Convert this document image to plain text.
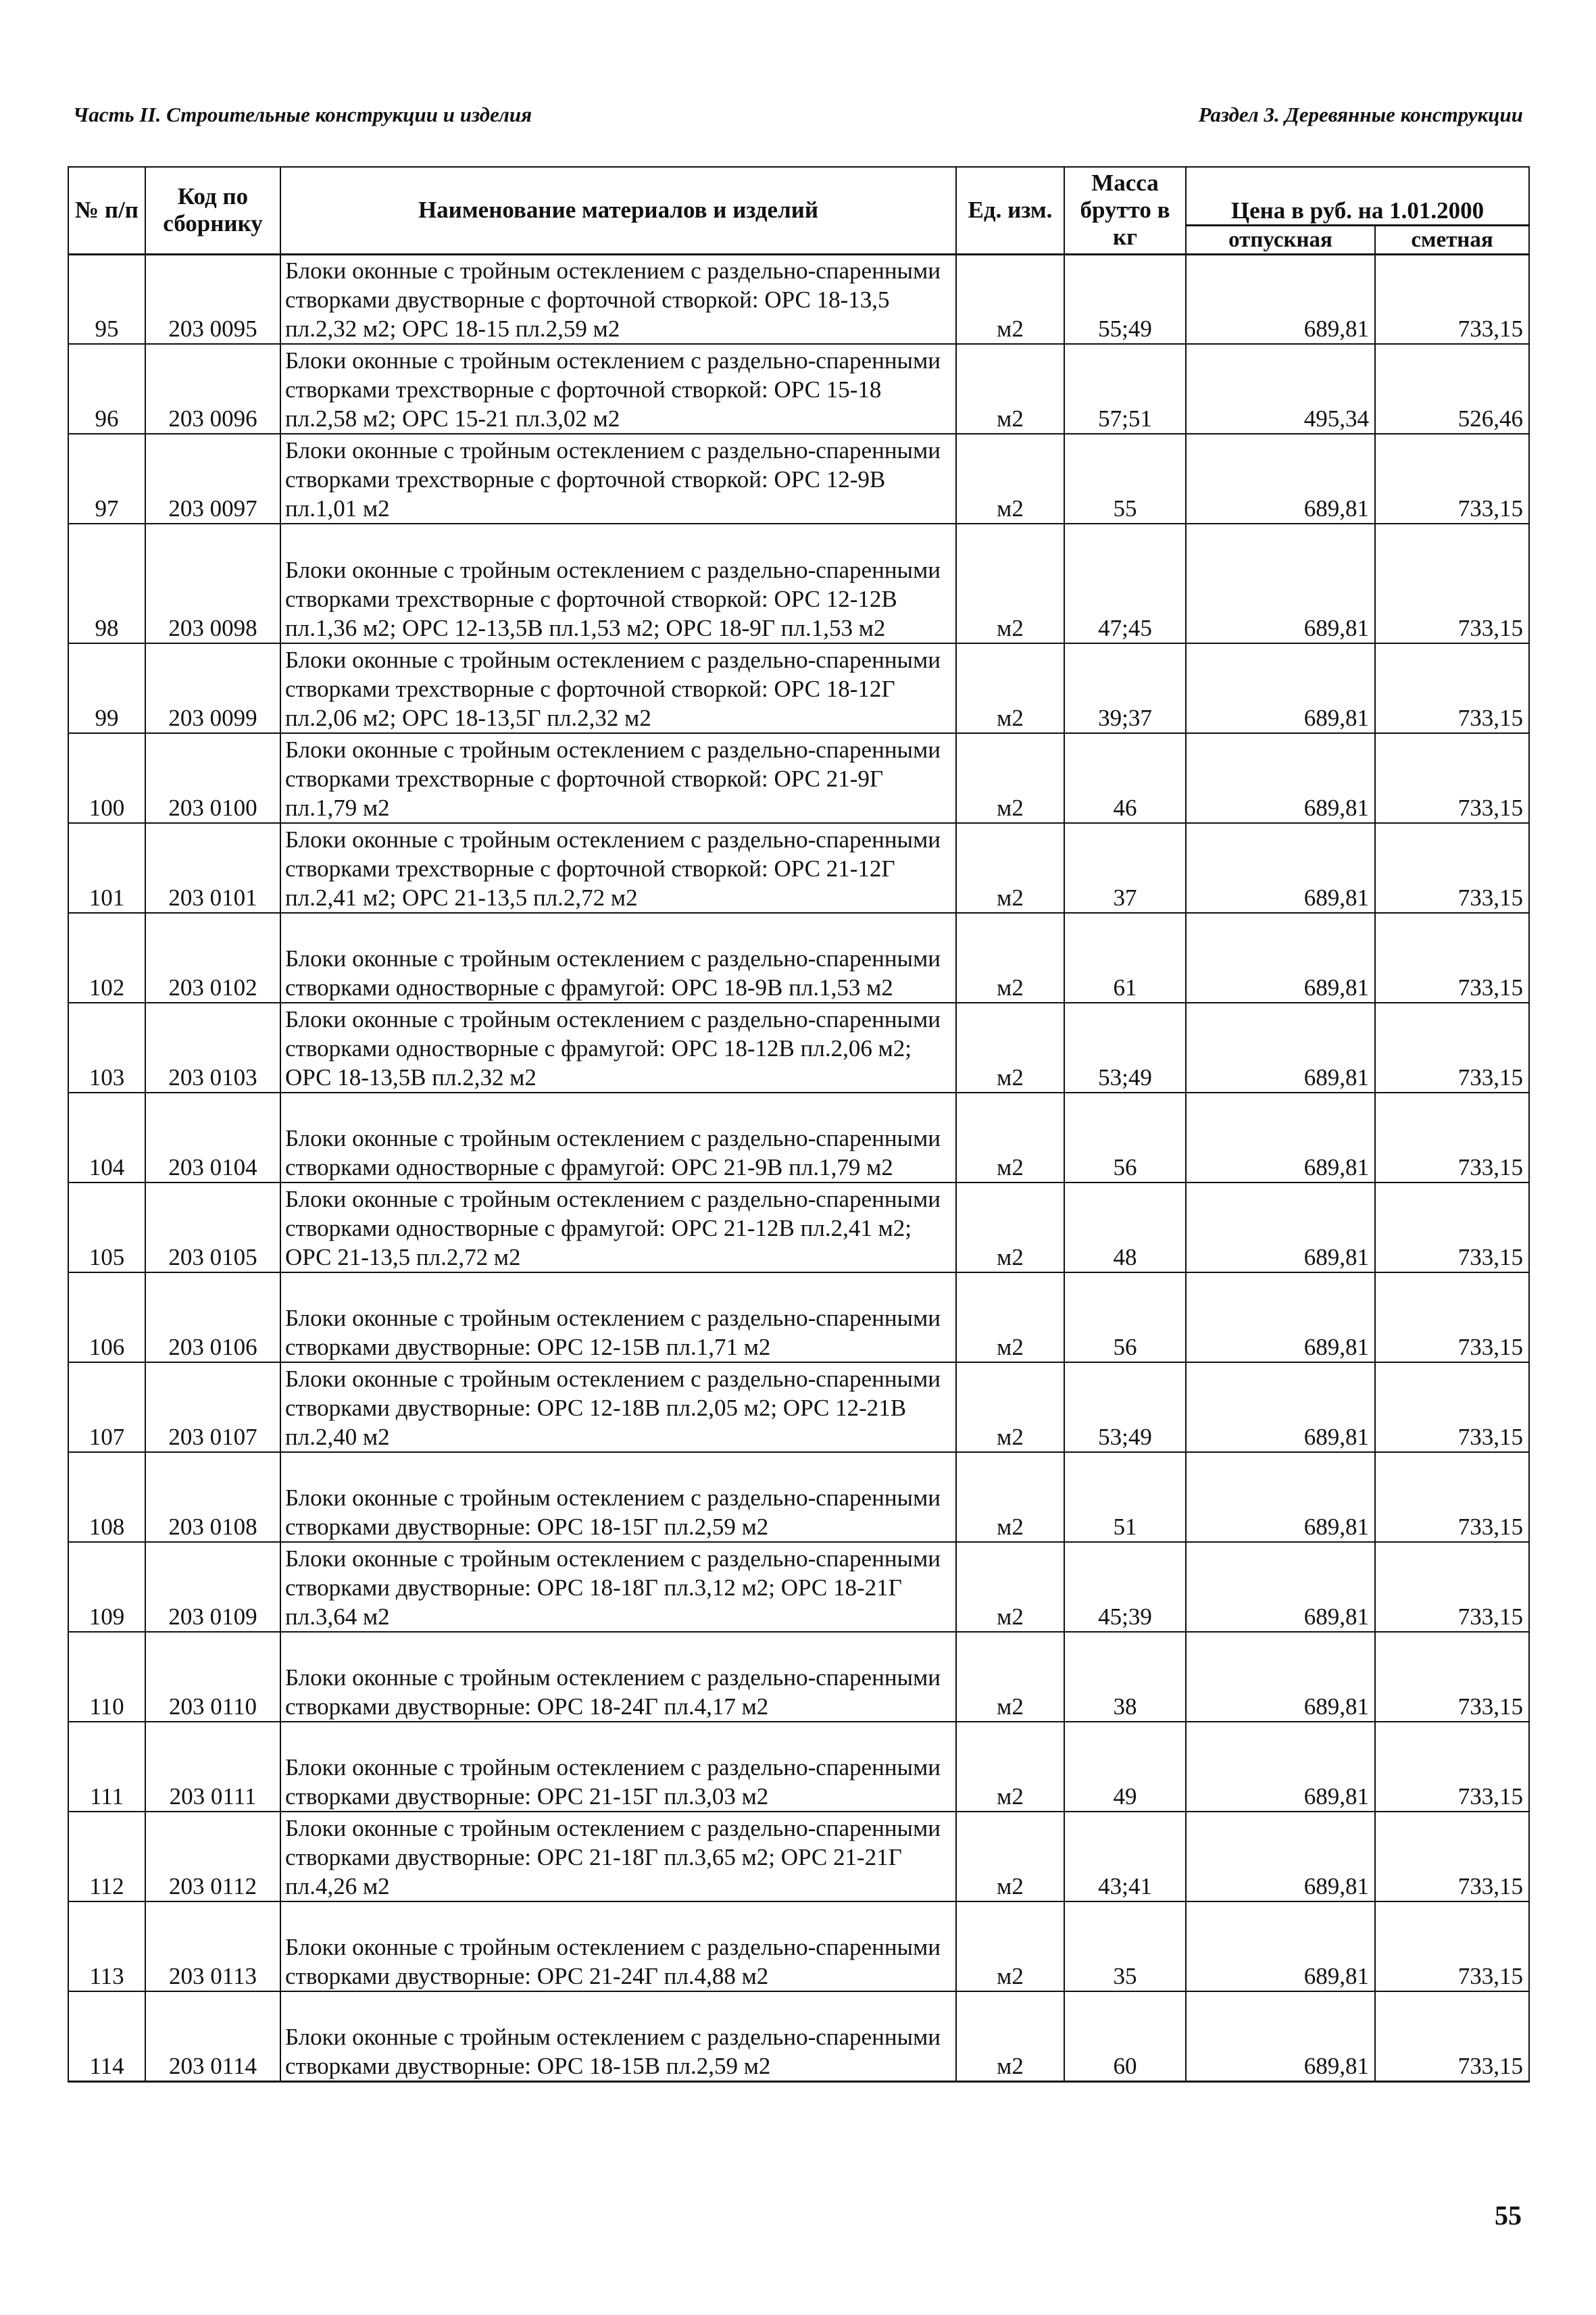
Часть II. Строительные конструкции и изделия	Раздел 3. Деревянные конструкции
№ п/п	Код по сборнику	Наименование материалов и изделий	Ед. изм.	Масса брутто в кг	Цена в руб. на 1.01.2000	
					отпускная	сметная
95	203 0095	Блоки оконные с тройным остеклением с раздельно-спаренными створками двустворные с форточной створкой: ОРС 18-13,5 пл.2,32 м2; ОРС 18-15 пл.2,59 м2	м2	55;49	689,81	733,15
96	203 0096	Блоки оконные с тройным остеклением с раздельно-спаренными створками трехстворные с форточной створкой: ОРС 15-18 пл.2,58 м2; ОРС 15-21 пл.3,02 м2	м2	57;51	495,34	526,46
97	203 0097	Блоки оконные с тройным остеклением с раздельно-спаренными створками трехстворные с форточной створкой: ОРС 12-9В пл.1,01 м2	м2	55	689,81	733,15
98	203 0098	Блоки оконные с тройным остеклением с раздельно-спаренными створками трехстворные с форточной створкой: ОРС 12-12В пл.1,36 м2; ОРС 12-13,5В пл.1,53 м2; ОРС 18-9Г пл.1,53 м2	м2	47;45	689,81	733,15
99	203 0099	Блоки оконные с тройным остеклением с раздельно-спаренными створками трехстворные с форточной створкой: ОРС 18-12Г пл.2,06 м2; ОРС 18-13,5Г пл.2,32 м2	м2	39;37	689,81	733,15
100	203 0100	Блоки оконные с тройным остеклением с раздельно-спаренными створками трехстворные с форточной створкой: ОРС 21-9Г пл.1,79 м2	м2	46	689,81	733,15
101	203 0101	Блоки оконные с тройным остеклением с раздельно-спаренными створками трехстворные с форточной створкой: ОРС 21-12Г пл.2,41 м2; ОРС 21-13,5 пл.2,72 м2	м2	37	689,81	733,15
102	203 0102	Блоки оконные с тройным остеклением с раздельно-спаренными створками одностворные с фрамугой: ОРС 18-9В пл.1,53 м2	м2	61	689,81	733,15
103	203 0103	Блоки оконные с тройным остеклением с раздельно-спаренными створками одностворные с фрамугой: ОРС 18-12В пл.2,06 м2; ОРС 18-13,5В пл.2,32 м2	м2	53;49	689,81	733,15
104	203 0104	Блоки оконные с тройным остеклением с раздельно-спаренными створками одностворные с фрамугой: ОРС 21-9В пл.1,79 м2	м2	56	689,81	733,15
105	203 0105	Блоки оконные с тройным остеклением с раздельно-спаренными створками одностворные с фрамугой: ОРС 21-12В пл.2,41 м2; ОРС 21-13,5 пл.2,72 м2	м2	48	689,81	733,15
106	203 0106	Блоки оконные с тройным остеклением с раздельно-спаренными створками двустворные: ОРС 12-15В пл.1,71 м2	м2	56	689,81	733,15
107	203 0107	Блоки оконные с тройным остеклением с раздельно-спаренными створками двустворные: ОРС 12-18В пл.2,05 м2; ОРС 12-21В пл.2,40 м2	м2	53;49	689,81	733,15
108	203 0108	Блоки оконные с тройным остеклением с раздельно-спаренными створками двустворные: ОРС 18-15Г пл.2,59 м2	м2	51	689,81	733,15
109	203 0109	Блоки оконные с тройным остеклением с раздельно-спаренными створками двустворные: ОРС 18-18Г пл.3,12 м2; ОРС 18-21Г пл.3,64 м2	м2	45;39	689,81	733,15
110	203 0110	Блоки оконные с тройным остеклением с раздельно-спаренными створками двустворные: ОРС 18-24Г пл.4,17 м2	м2	38	689,81	733,15
111	203 0111	Блоки оконные с тройным остеклением с раздельно-спаренными створками двустворные: ОРС 21-15Г пл.3,03 м2	м2	49	689,81	733,15
112	203 0112	Блоки оконные с тройным остеклением с раздельно-спаренными створками двустворные: ОРС 21-18Г пл.3,65 м2; ОРС 21-21Г пл.4,26 м2	м2	43;41	689,81	733,15
113	203 0113	Блоки оконные с тройным остеклением с раздельно-спаренными створками двустворные: ОРС 21-24Г пл.4,88 м2	м2	35	689,81	733,15
114	203 0114	Блоки оконные с тройным остеклением с раздельно-спаренными створками двустворные: ОРС 18-15В пл.2,59 м2	м2	60	689,81	733,15
55
